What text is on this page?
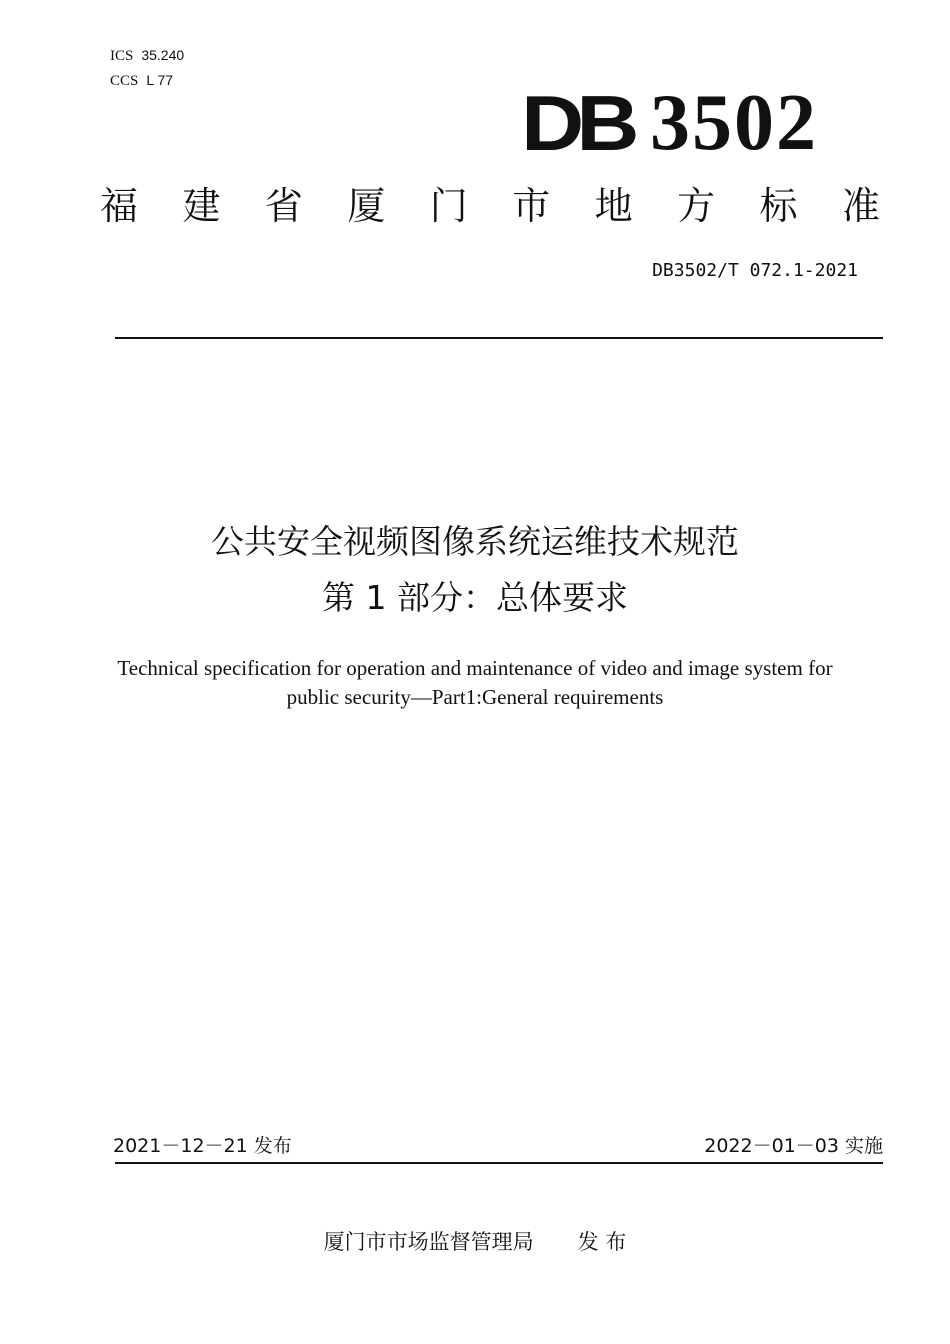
ICS 35.240
CCS L 77	DB 3502
福 建 省 厦 门 市 地 方 标 准
DB3502/T 072.1-2021
公共安全视频图像系统运维技术规范
第 1 部分：总体要求
Technical specification for operation and maintenance of video and image system for
public security—Part1:General requirements
2021－12－21 发布	2022－01－03 实施
厦门市市场监督管理局 发 布
